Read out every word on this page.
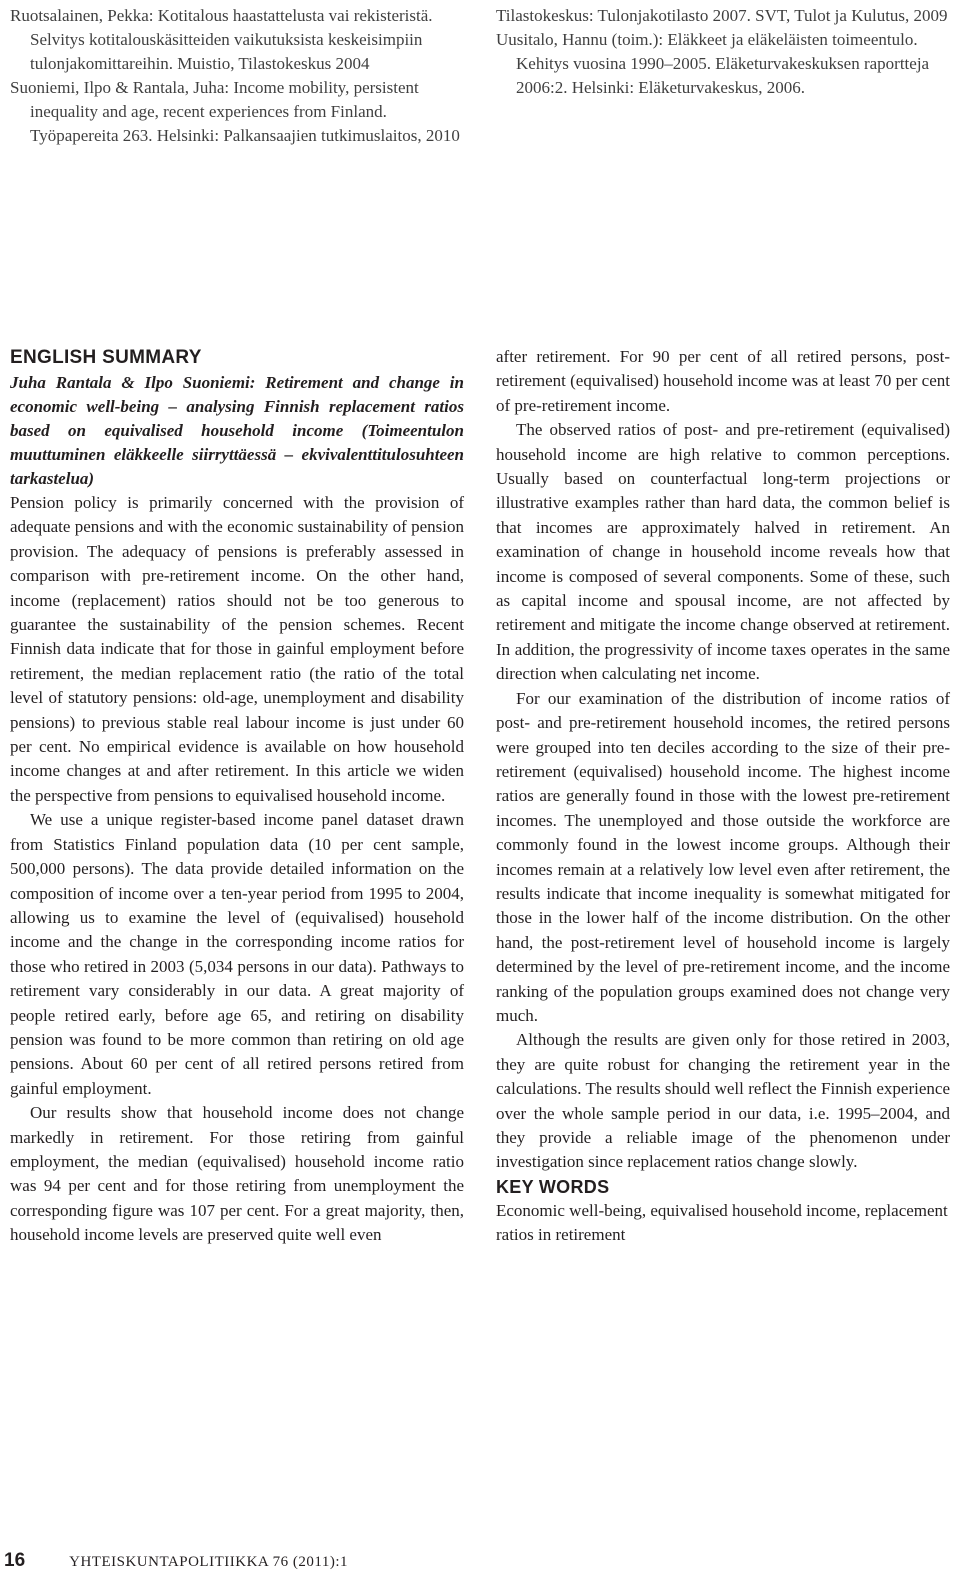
Ruotsalainen, Pekka: Kotitalous haastattelusta vai rekisteristä. Selvitys kotitalouskäsitteiden vaikutuksista keskeisimpiin tulonjakomittareihin. Muistio, Tilastokeskus 2004

Suoniemi, Ilpo & Rantala, Juha: Income mobility, persistent inequality and age, recent experiences from Finland. Työpapereita 263. Helsinki: Palkansaajien tutkimuslaitos, 2010

Tilastokeskus: Tulonjakotilasto 2007. SVT, Tulot ja Kulutus, 2009

Uusitalo, Hannu (toim.): Eläkkeet ja eläkeläisten toimeentulo. Kehitys vuosina 1990–2005. Eläketurvakeskuksen raportteja 2006:2. Helsinki: Eläketurvakeskus, 2006.

ENGLISH SUMMARY

Juha Rantala & Ilpo Suoniemi: Retirement and change in economic well-being – analysing Finnish replacement ratios based on equivalised household income (Toimeentulon muuttuminen eläkkeelle siirryttäessä – ekvivalenttitulosuhteen tarkastelua)

Pension policy is primarily concerned with the provision of adequate pensions and with the economic sustainability of pension provision. The adequacy of pensions is preferably assessed in comparison with pre-retirement income. On the other hand, income (replacement) ratios should not be too generous to guarantee the sustainability of the pension schemes. Recent Finnish data indicate that for those in gainful employment before retirement, the median replacement ratio (the ratio of the total level of statutory pensions: old-age, unemployment and disability pensions) to previous stable real labour income is just under 60 per cent. No empirical evidence is available on how household income changes at and after retirement. In this article we widen the perspective from pensions to equivalised household income.

We use a unique register-based income panel dataset drawn from Statistics Finland population data (10 per cent sample, 500,000 persons). The data provide detailed information on the composition of income over a ten-year period from 1995 to 2004, allowing us to examine the level of (equivalised) household income and the change in the corresponding income ratios for those who retired in 2003 (5,034 persons in our data). Pathways to retirement vary considerably in our data. A great majority of people retired early, before age 65, and retiring on disability pension was found to be more common than retiring on old age pensions. About 60 per cent of all retired persons retired from gainful employment.

Our results show that household income does not change markedly in retirement. For those retiring from gainful employment, the median (equivalised) household income ratio was 94 per cent and for those retiring from unemployment the corresponding figure was 107 per cent. For a great majority, then, household income levels are preserved quite well even

after retirement. For 90 per cent of all retired persons, post-retirement (equivalised) household income was at least 70 per cent of pre-retirement income.

The observed ratios of post- and pre-retirement (equivalised) household income are high relative to common perceptions. Usually based on counterfactual long-term projections or illustrative examples rather than hard data, the common belief is that incomes are approximately halved in retirement. An examination of change in household income reveals how that income is composed of several components. Some of these, such as capital income and spousal income, are not affected by retirement and mitigate the income change observed at retirement. In addition, the progressivity of income taxes operates in the same direction when calculating net income.

For our examination of the distribution of income ratios of post- and pre-retirement household incomes, the retired persons were grouped into ten deciles according to the size of their pre-retirement (equivalised) household income. The highest income ratios are generally found in those with the lowest pre-retirement incomes. The unemployed and those outside the workforce are commonly found in the lowest income groups. Although their incomes remain at a relatively low level even after retirement, the results indicate that income inequality is somewhat mitigated for those in the lower half of the income distribution. On the other hand, the post-retirement level of household income is largely determined by the level of pre-retirement income, and the income ranking of the population groups examined does not change very much.

Although the results are given only for those retired in 2003, they are quite robust for changing the retirement year in the calculations. The results should well reflect the Finnish experience over the whole sample period in our data, i.e. 1995–2004, and they provide a reliable image of the phenomenon under investigation since replacement ratios change slowly.

KEY WORDS

Economic well-being, equivalised household income, replacement ratios in retirement

16	YHTEISKUNTAPOLITIIKKA 76 (2011):1
